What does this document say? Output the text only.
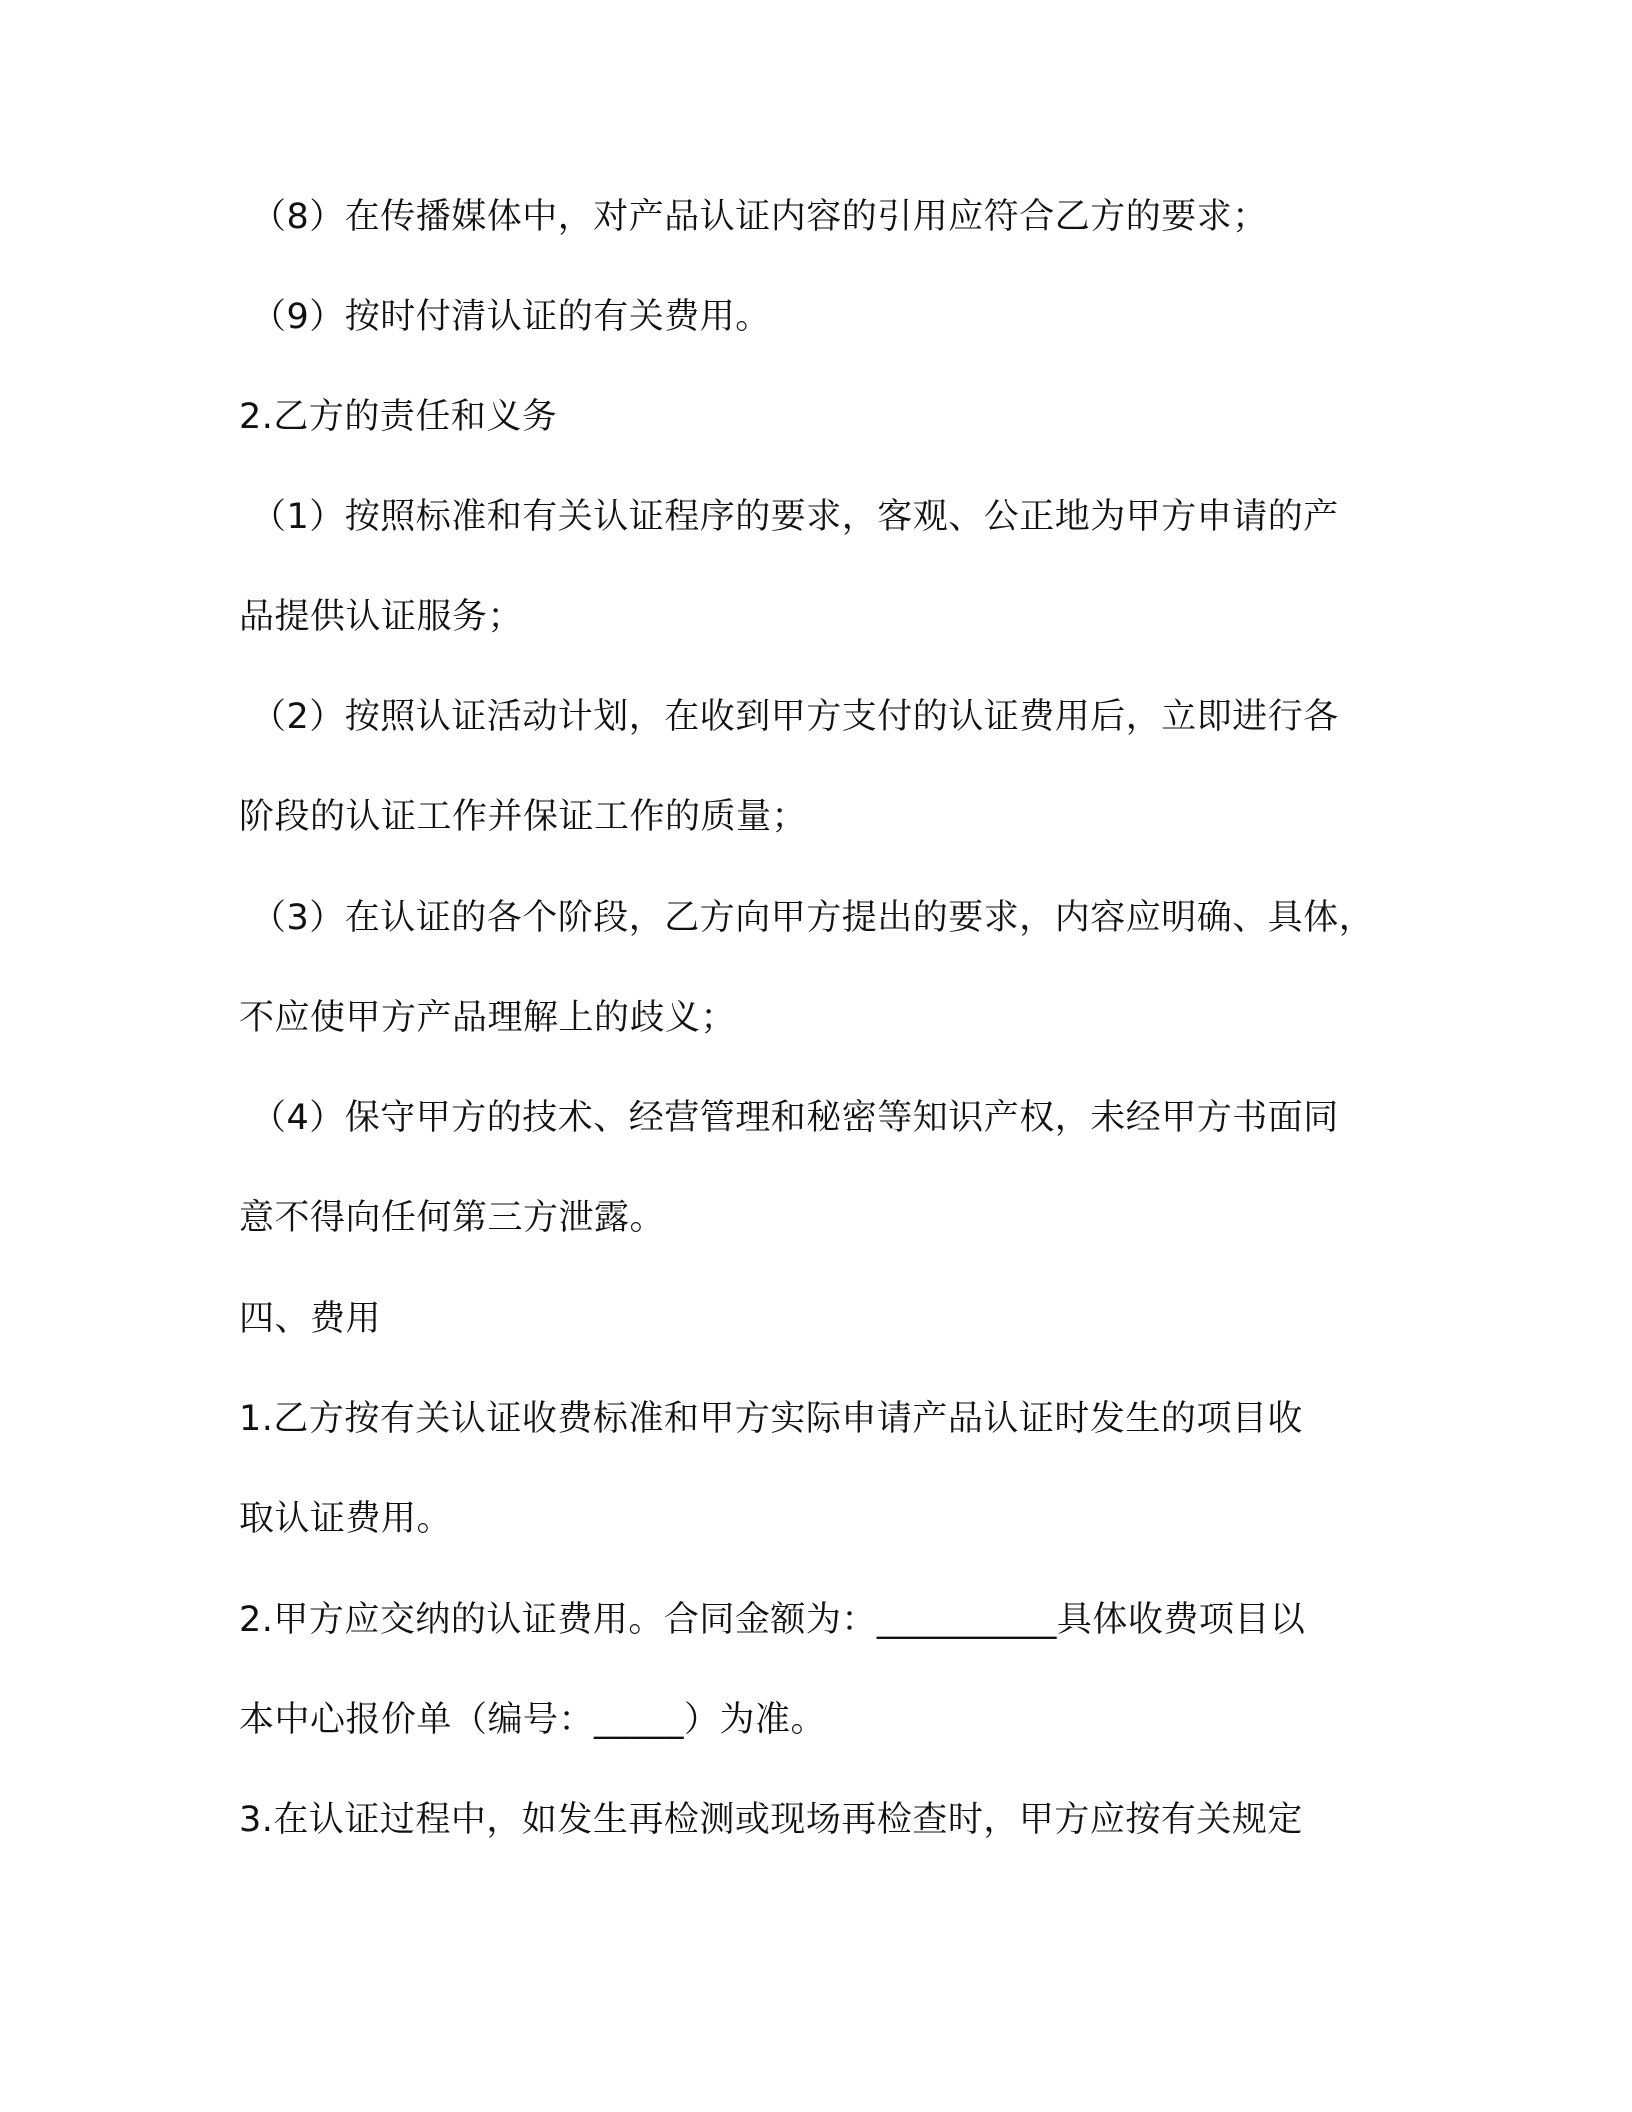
（8）在传播媒体中，对产品认证内容的引用应符合乙方的要求；
（9）按时付清认证的有关费用。
2.乙方的责任和义务
（1）按照标准和有关认证程序的要求，客观、公正地为甲方申请的产
品提供认证服务；
（2）按照认证活动计划，在收到甲方支付的认证费用后，立即进行各
阶段的认证工作并保证工作的质量；
（3）在认证的各个阶段，乙方向甲方提出的要求，内容应明确、具体，
不应使甲方产品理解上的歧义；
（4）保守甲方的技术、经营管理和秘密等知识产权，未经甲方书面同
意不得向任何第三方泄露。
四、费用
1.乙方按有关认证收费标准和甲方实际申请产品认证时发生的项目收
取认证费用。
2.甲方应交纳的认证费用。合同金额为：__________具体收费项目以
本中心报价单（编号：_____）为准。
3.在认证过程中，如发生再检测或现场再检查时，甲方应按有关规定
